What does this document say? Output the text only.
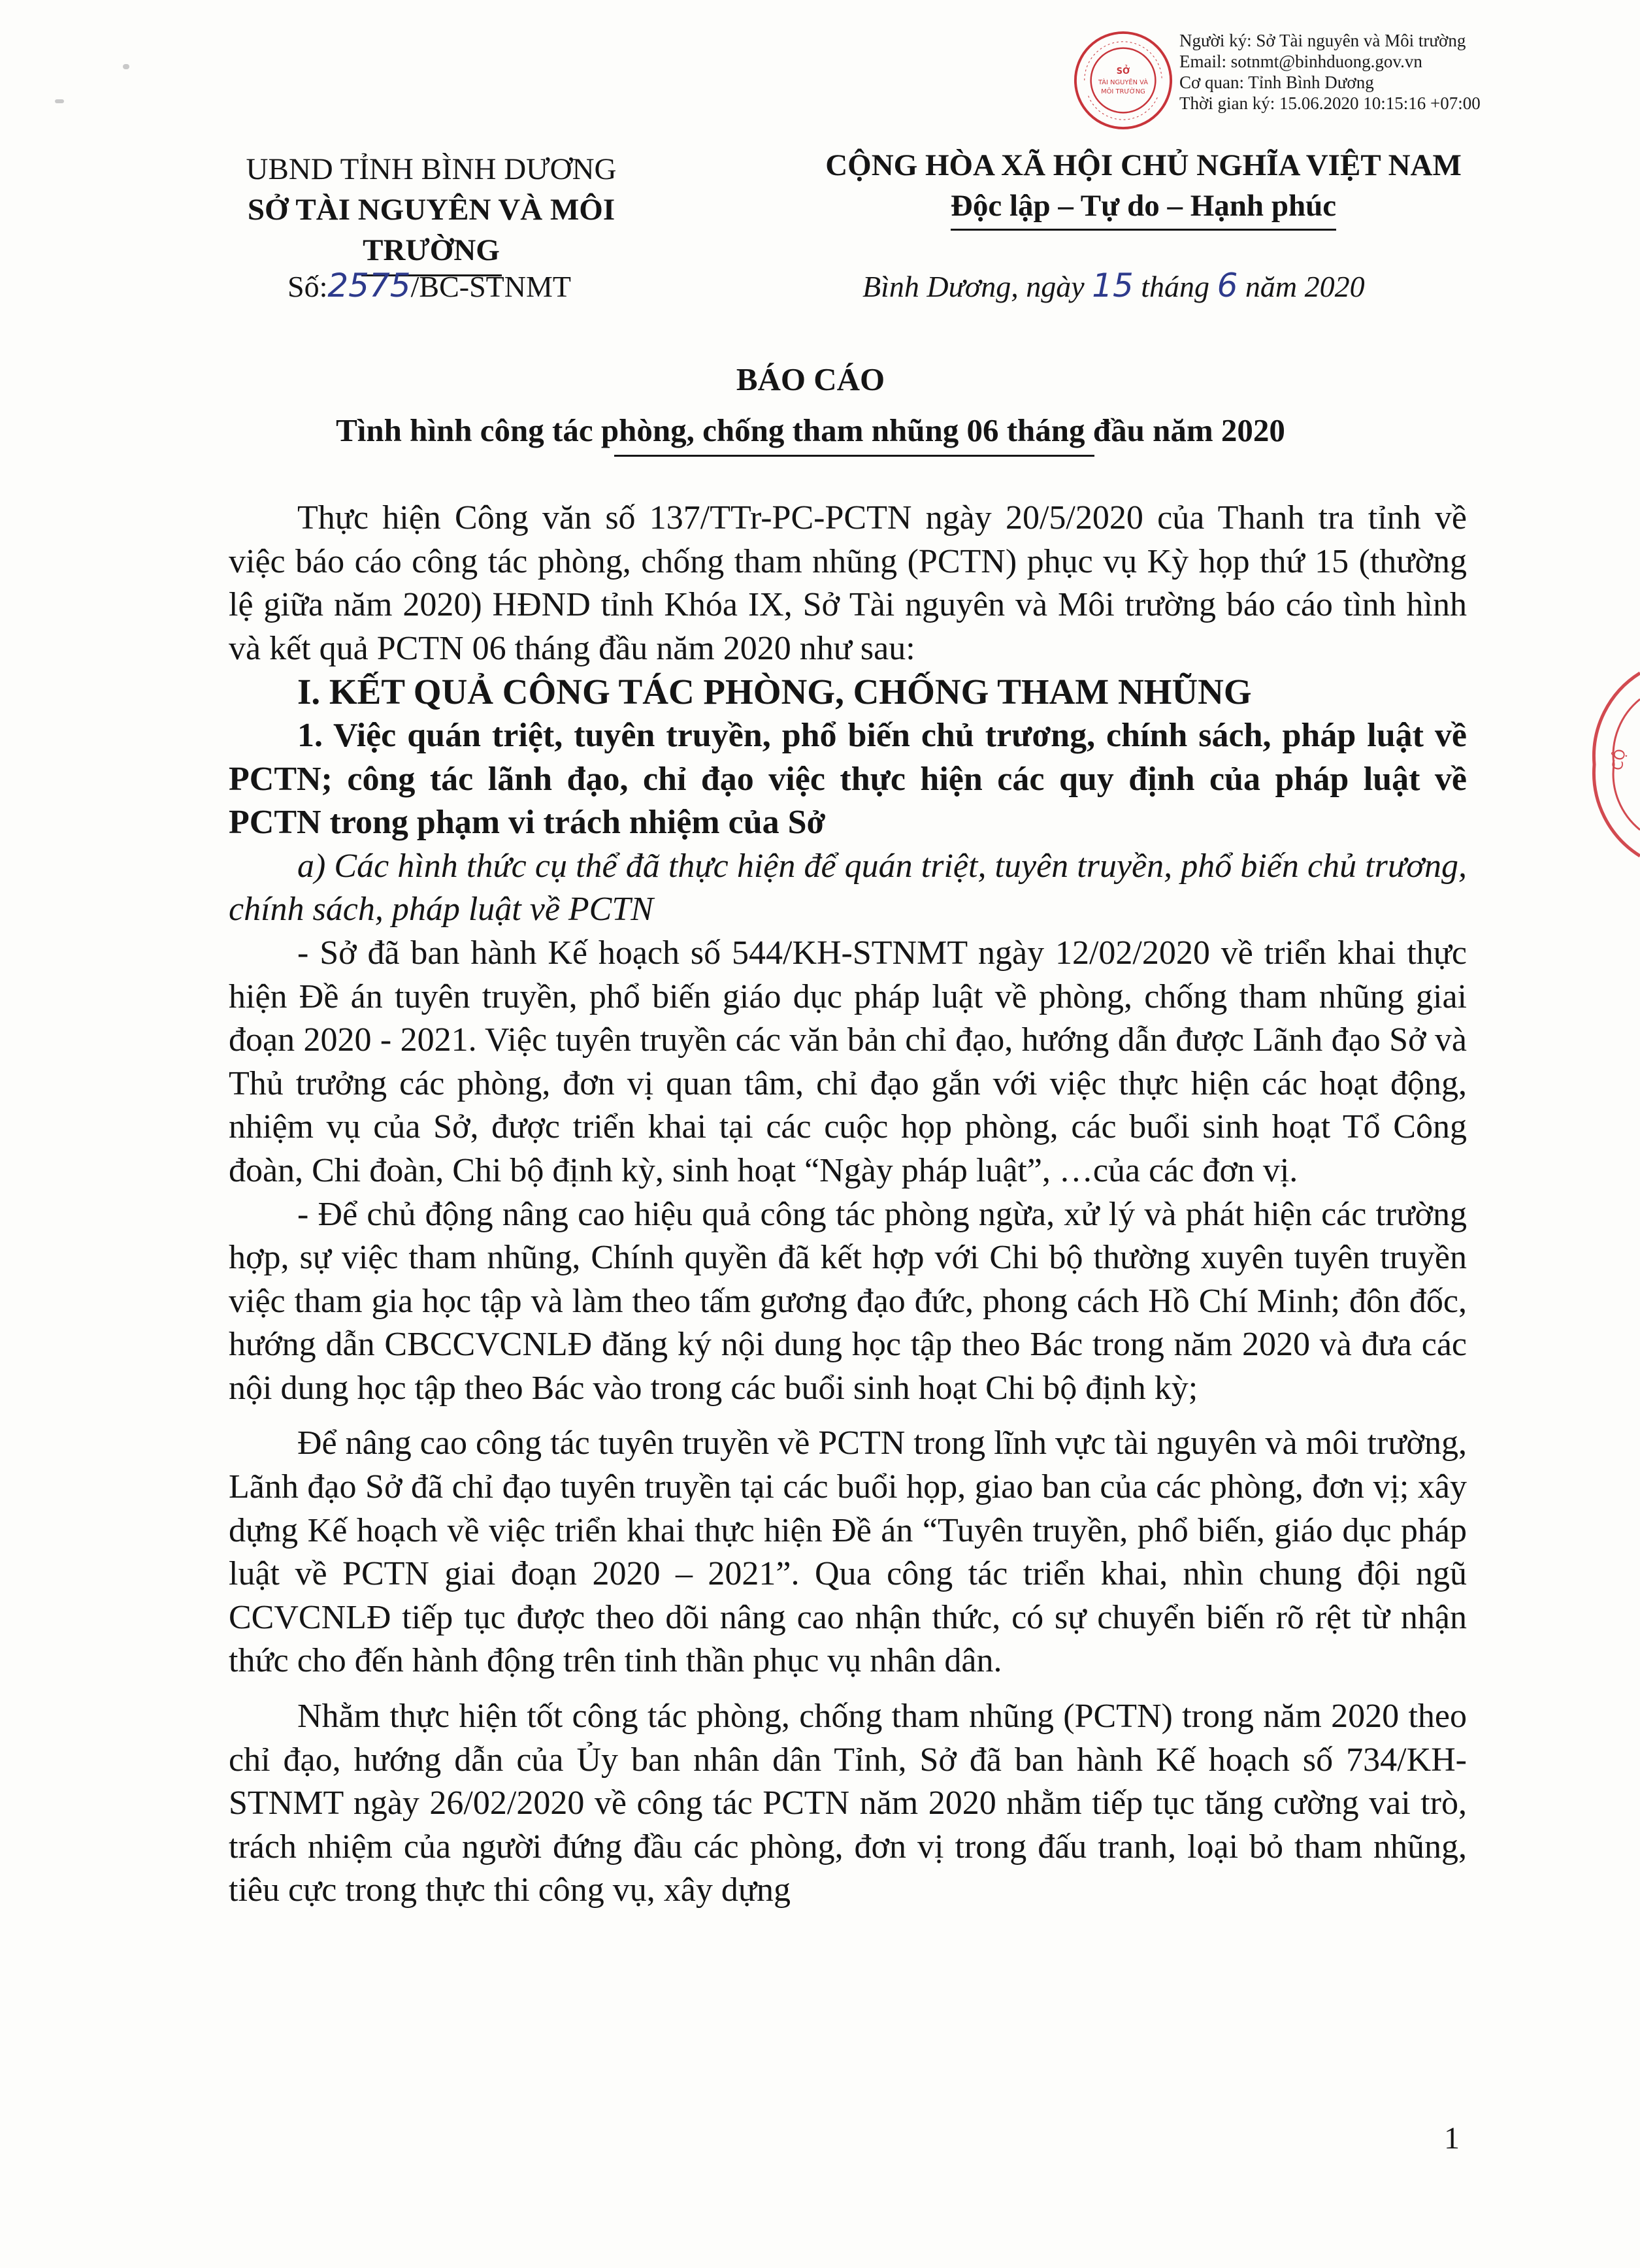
SỞ
TÀI NGUYÊN VÀ
MÔI TRƯỜNG
Người ký: Sở Tài nguyên và Môi trường
Email: sotnmt@binhduong.gov.vn
Cơ quan: Tỉnh Bình Dương
Thời gian ký: 15.06.2020 10:15:16 +07:00
UBND TỈNH BÌNH DƯƠNG
SỞ TÀI NGUYÊN VÀ MÔI TRƯỜNG
CỘNG HÒA XÃ HỘI CHỦ NGHĨA VIỆT NAM
Độc lập – Tự do – Hạnh phúc
Số:2575/BC-STNMT	Bình Dương, ngày 15 tháng 6 năm 2020
BÁO CÁO
Tình hình công tác phòng, chống tham nhũng 06 tháng đầu năm 2020

Thực hiện Công văn số 137/TTr-PC-PCTN ngày 20/5/2020 của Thanh tra tỉnh về việc báo cáo công tác phòng, chống tham nhũng (PCTN) phục vụ Kỳ họp thứ 15 (thường lệ giữa năm 2020) HĐND tỉnh Khóa IX, Sở Tài nguyên và Môi trường báo cáo tình hình và kết quả PCTN 06 tháng đầu năm 2020 như sau:

I. KẾT QUẢ CÔNG TÁC PHÒNG, CHỐNG THAM NHŨNG

1. Việc quán triệt, tuyên truyền, phổ biến chủ trương, chính sách, pháp luật về PCTN; công tác lãnh đạo, chỉ đạo việc thực hiện các quy định của pháp luật về PCTN trong phạm vi trách nhiệm của Sở

a) Các hình thức cụ thể đã thực hiện để quán triệt, tuyên truyền, phổ biến chủ trương, chính sách, pháp luật về PCTN

- Sở đã ban hành Kế hoạch số 544/KH-STNMT ngày 12/02/2020 về triển khai thực hiện Đề án tuyên truyền, phổ biến giáo dục pháp luật về phòng, chống tham nhũng giai đoạn 2020 - 2021. Việc tuyên truyền các văn bản chỉ đạo, hướng dẫn được Lãnh đạo Sở và Thủ trưởng các phòng, đơn vị quan tâm, chỉ đạo gắn với việc thực hiện các hoạt động, nhiệm vụ của Sở, được triển khai tại các cuộc họp phòng, các buổi sinh hoạt Tổ Công đoàn, Chi đoàn, Chi bộ định kỳ, sinh hoạt “Ngày pháp luật”, …của các đơn vị.

- Để chủ động nâng cao hiệu quả công tác phòng ngừa, xử lý và phát hiện các trường hợp, sự việc tham nhũng, Chính quyền đã kết hợp với Chi bộ thường xuyên tuyên truyền việc tham gia học tập và làm theo tấm gương đạo đức, phong cách Hồ Chí Minh; đôn đốc, hướng dẫn CBCCVCNLĐ đăng ký nội dung học tập theo Bác trong năm 2020 và đưa các nội dung học tập theo Bác vào trong các buổi sinh hoạt Chi bộ định kỳ;

Để nâng cao công tác tuyên truyền về PCTN trong lĩnh vực tài nguyên và môi trường, Lãnh đạo Sở đã chỉ đạo tuyên truyền tại các buổi họp, giao ban của các phòng, đơn vị; xây dựng Kế hoạch về việc triển khai thực hiện Đề án “Tuyên truyền, phổ biến, giáo dục pháp luật về PCTN giai đoạn 2020 – 2021”. Qua công tác triển khai, nhìn chung đội ngũ CCVCNLĐ tiếp tục được theo dõi nâng cao nhận thức, có sự chuyển biến rõ rệt từ nhận thức cho đến hành động trên tinh thần phục vụ nhân dân.

Nhằm thực hiện tốt công tác phòng, chống tham nhũng (PCTN) trong năm 2020 theo chỉ đạo, hướng dẫn của Ủy ban nhân dân Tỉnh, Sở đã ban hành Kế hoạch số 734/KH-STNMT ngày 26/02/2020 về công tác PCTN năm 2020 nhằm tiếp tục tăng cường vai trò, trách nhiệm của người đứng đầu các phòng, đơn vị trong đấu tranh, loại bỏ tham nhũng, tiêu cực trong thực thi công vụ, xây dựng

CỘ
1
